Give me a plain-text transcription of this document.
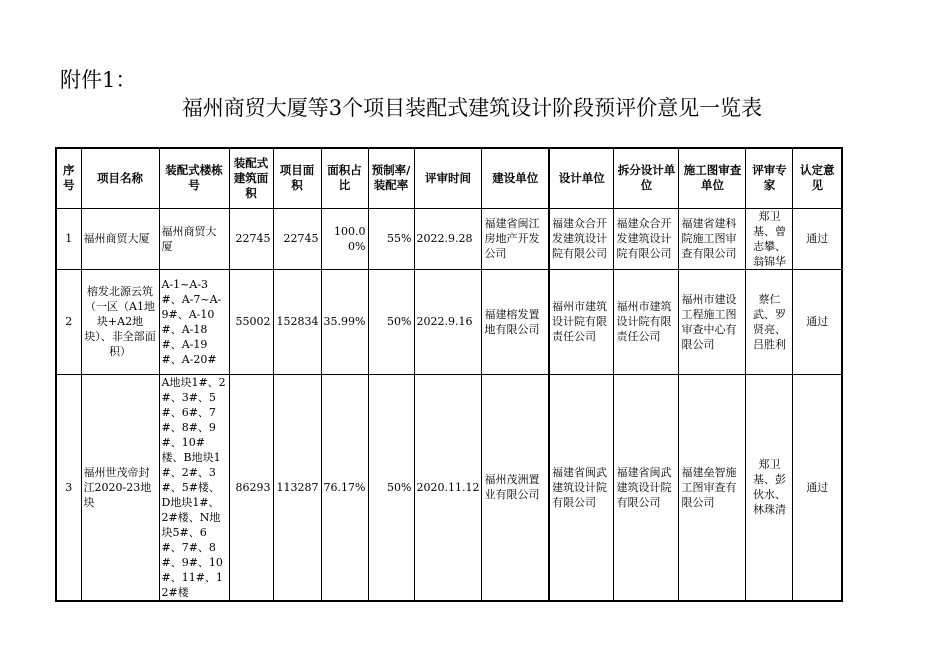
附件1：
福州商贸大厦等3个项目装配式建筑设计阶段预评价意见一览表
序号	项目名称	装配式楼栋号	装配式建筑面积	项目面积	面积占比	预制率/装配率	评审时间	建设单位	设计单位	拆分设计单位	施工图审查单位	评审专家	认定意见
1	福州商贸大厦	福州商贸大厦	22745	22745	100.00%	55%	2022.9.28	福建省闽江房地产开发公司	福建众合开发建筑设计院有限公司	福建众合开发建筑设计院有限公司	福建省建科院施工图审查有限公司	郑卫基、曾志攀、翁锦华	通过
2	榕发北源云筑（一区（A1地块+A2地块）、非全部面积）	A-1~A-3#、A-7~A-9#、A-10#、A-18#、A-19#、A-20#	55002	152834	35.99%	50%	2022.9.16	福建榕发置地有限公司	福州市建筑设计院有限责任公司	福州市建筑设计院有限责任公司	福州市建设工程施工图审查中心有限公司	蔡仁武、罗贤亮、吕胜利	通过
3	福州世茂帝封江2020-23地块	A地块1#、2#、3#、5#、6#、7#、8#、9#、10#楼、B地块1#、2#、3#、5#楼、D地块1#、2#楼、N地块5#、6#、7#、8#、9#、10#、11#、12#楼	86293	113287	76.17%	50%	2020.11.12	福州茂洲置业有限公司	福建省闽武建筑设计院有限公司	福建省闽武建筑设计院有限公司	福建垒智施工图审查有限公司	郑卫基、彭伙水、林珠清	通过
